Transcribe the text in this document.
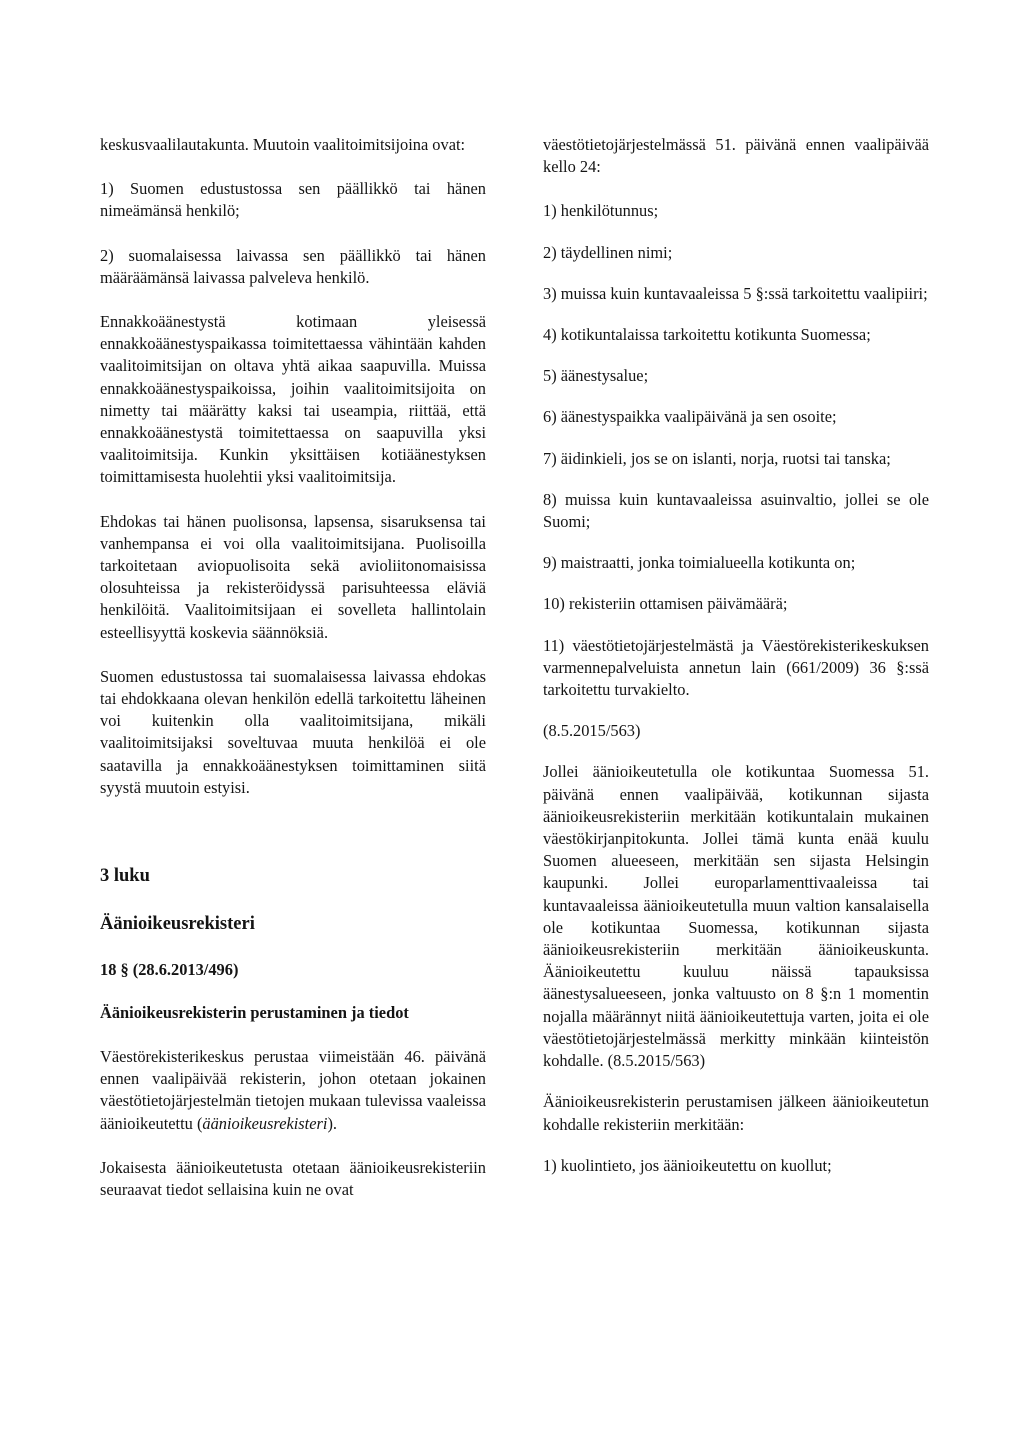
keskusvaalilautakunta. Muutoin vaalitoimitsijoina ovat:

1) Suomen edustustossa sen päällikkö tai hänen nimeämänsä henkilö;

2) suomalaisessa laivassa sen päällikkö tai hänen määräämänsä laivassa palveleva henkilö.

Ennakkoäänestystä kotimaan yleisessä ennakkoäänestyspaikassa toimitettaessa vähintään kahden vaalitoimitsijan on oltava yhtä aikaa saapuvilla. Muissa ennakkoäänestyspaikoissa, joihin vaalitoimitsijoita on nimetty tai määrätty kaksi tai useampia, riittää, että ennakkoäänestystä toimitettaessa on saapuvilla yksi vaalitoimitsija. Kunkin yksittäisen kotiäänestyksen toimittamisesta huolehtii yksi vaalitoimitsija.

Ehdokas tai hänen puolisonsa, lapsensa, sisaruksensa tai vanhempansa ei voi olla vaalitoimitsijana. Puolisoilla tarkoitetaan aviopuolisoita sekä avioliitonomaisissa olosuhteissa ja rekisteröidyssä parisuhteessa eläviä henkilöitä. Vaalitoimitsijaan ei sovelleta hallintolain esteellisyyttä koskevia säännöksiä.

Suomen edustustossa tai suomalaisessa laivassa ehdokas tai ehdokkaana olevan henkilön edellä tarkoitettu läheinen voi kuitenkin olla vaalitoimitsijana, mikäli vaalitoimitsijaksi soveltuvaa muuta henkilöä ei ole saatavilla ja ennakkoäänestyksen toimittaminen siitä syystä muutoin estyisi.

3 luku
Äänioikeusrekisteri
18 § (28.6.2013/496)
Äänioikeusrekisterin perustaminen ja tiedot

Väestörekisterikeskus perustaa viimeistään 46. päivänä ennen vaalipäivää rekisterin, johon otetaan jokainen väestötietojärjestelmän tietojen mukaan tulevissa vaaleissa äänioikeutettu (äänioikeusrekisteri).

Jokaisesta äänioikeutetusta otetaan äänioikeusrekisteriin seuraavat tiedot sellaisina kuin ne ovat

väestötietojärjestelmässä 51. päivänä ennen vaalipäivää kello 24:

1) henkilötunnus;

2) täydellinen nimi;

3) muissa kuin kuntavaaleissa 5 §:ssä tarkoitettu vaalipiiri;

4) kotikuntalaissa tarkoitettu kotikunta Suomessa;

5) äänestysalue;

6) äänestyspaikka vaalipäivänä ja sen osoite;

7) äidinkieli, jos se on islanti, norja, ruotsi tai tanska;

8) muissa kuin kuntavaaleissa asuinvaltio, jollei se ole Suomi;

9) maistraatti, jonka toimialueella kotikunta on;

10) rekisteriin ottamisen päivämäärä;

11) väestötietojärjestelmästä ja Väestörekisterikeskuksen varmennepalveluista annetun lain (661/2009) 36 §:ssä tarkoitettu turvakielto.

(8.5.2015/563)

Jollei äänioikeutetulla ole kotikuntaa Suomessa 51. päivänä ennen vaalipäivää, kotikunnan sijasta äänioikeusrekisteriin merkitään kotikuntalain mukainen väestökirjanpitokunta. Jollei tämä kunta enää kuulu Suomen alueeseen, merkitään sen sijasta Helsingin kaupunki. Jollei europarlamenttivaaleissa tai kuntavaaleissa äänioikeutetulla muun valtion kansalaisella ole kotikuntaa Suomessa, kotikunnan sijasta äänioikeusrekisteriin merkitään äänioikeuskunta. Äänioikeutettu kuuluu näissä tapauksissa äänestysalueeseen, jonka valtuusto on 8 §:n 1 momentin nojalla määrännyt niitä äänioikeutettuja varten, joita ei ole väestötietojärjestelmässä merkitty minkään kiinteistön kohdalle. (8.5.2015/563)

Äänioikeusrekisterin perustamisen jälkeen äänioikeutetun kohdalle rekisteriin merkitään:

1) kuolintieto, jos äänioikeutettu on kuollut;
